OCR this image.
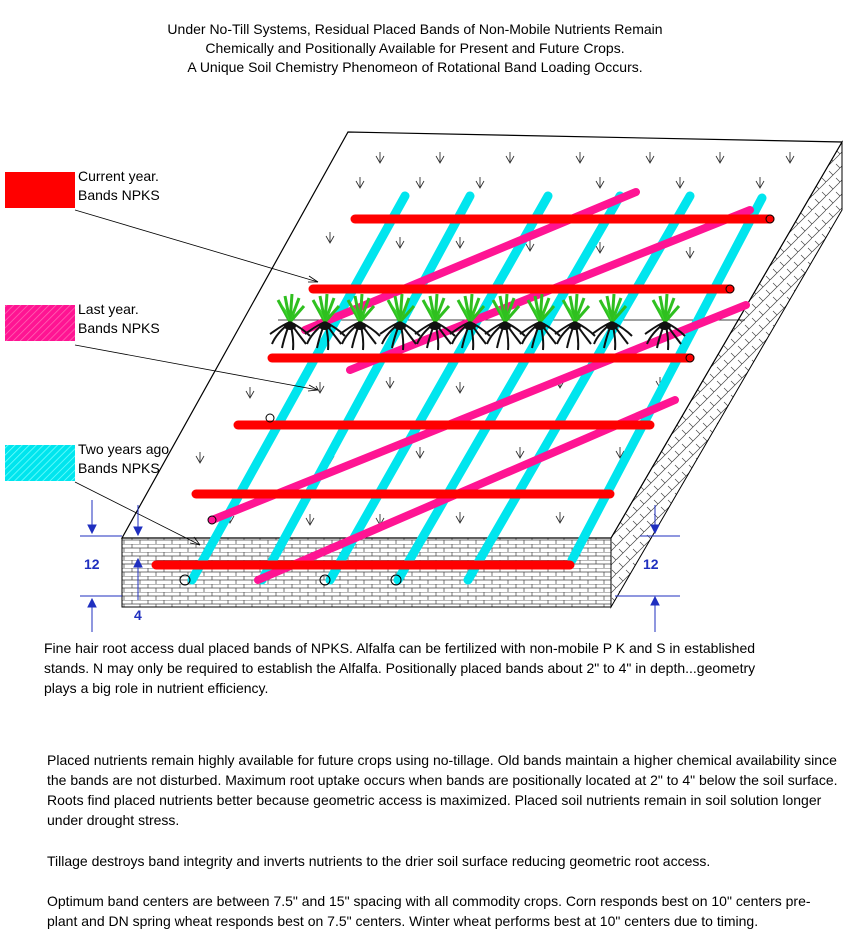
Under No-Till Systems, Residual Placed Bands of Non-Mobile Nutrients Remain
Chemically and Positionally Available for Present and Future Crops.
A Unique Soil Chemistry Phenomeon of Rotational Band Loading Occurs.
Current year.
Bands NPKS
Last year.
Bands NPKS
Two years ago
Bands NPKS
12	12
4
Fine hair root access dual placed bands of NPKS. Alfalfa can be fertilized with non-mobile P K and S in established stands. N may only be required to establish the Alfalfa. Positionally placed bands about 2" to 4" in depth...geometry plays a big role in nutrient efficiency.
Placed nutrients remain highly available for future crops using no-tillage. Old bands maintain a higher chemical availability since the bands are not disturbed. Maximum root uptake occurs when bands are positionally located at 2" to 4" below the soil surface. Roots find placed nutrients better because geometric access is maximized. Placed soil nutrients remain in soil solution longer under drought stress.
Tillage destroys band integrity and inverts nutrients to the drier soil surface reducing geometric root access.
Optimum band centers are between 7.5" and 15" spacing with all commodity crops. Corn responds best on 10" centers pre-plant and DN spring wheat responds best on 7.5" centers. Winter wheat performs best at 10" centers due to timing.
